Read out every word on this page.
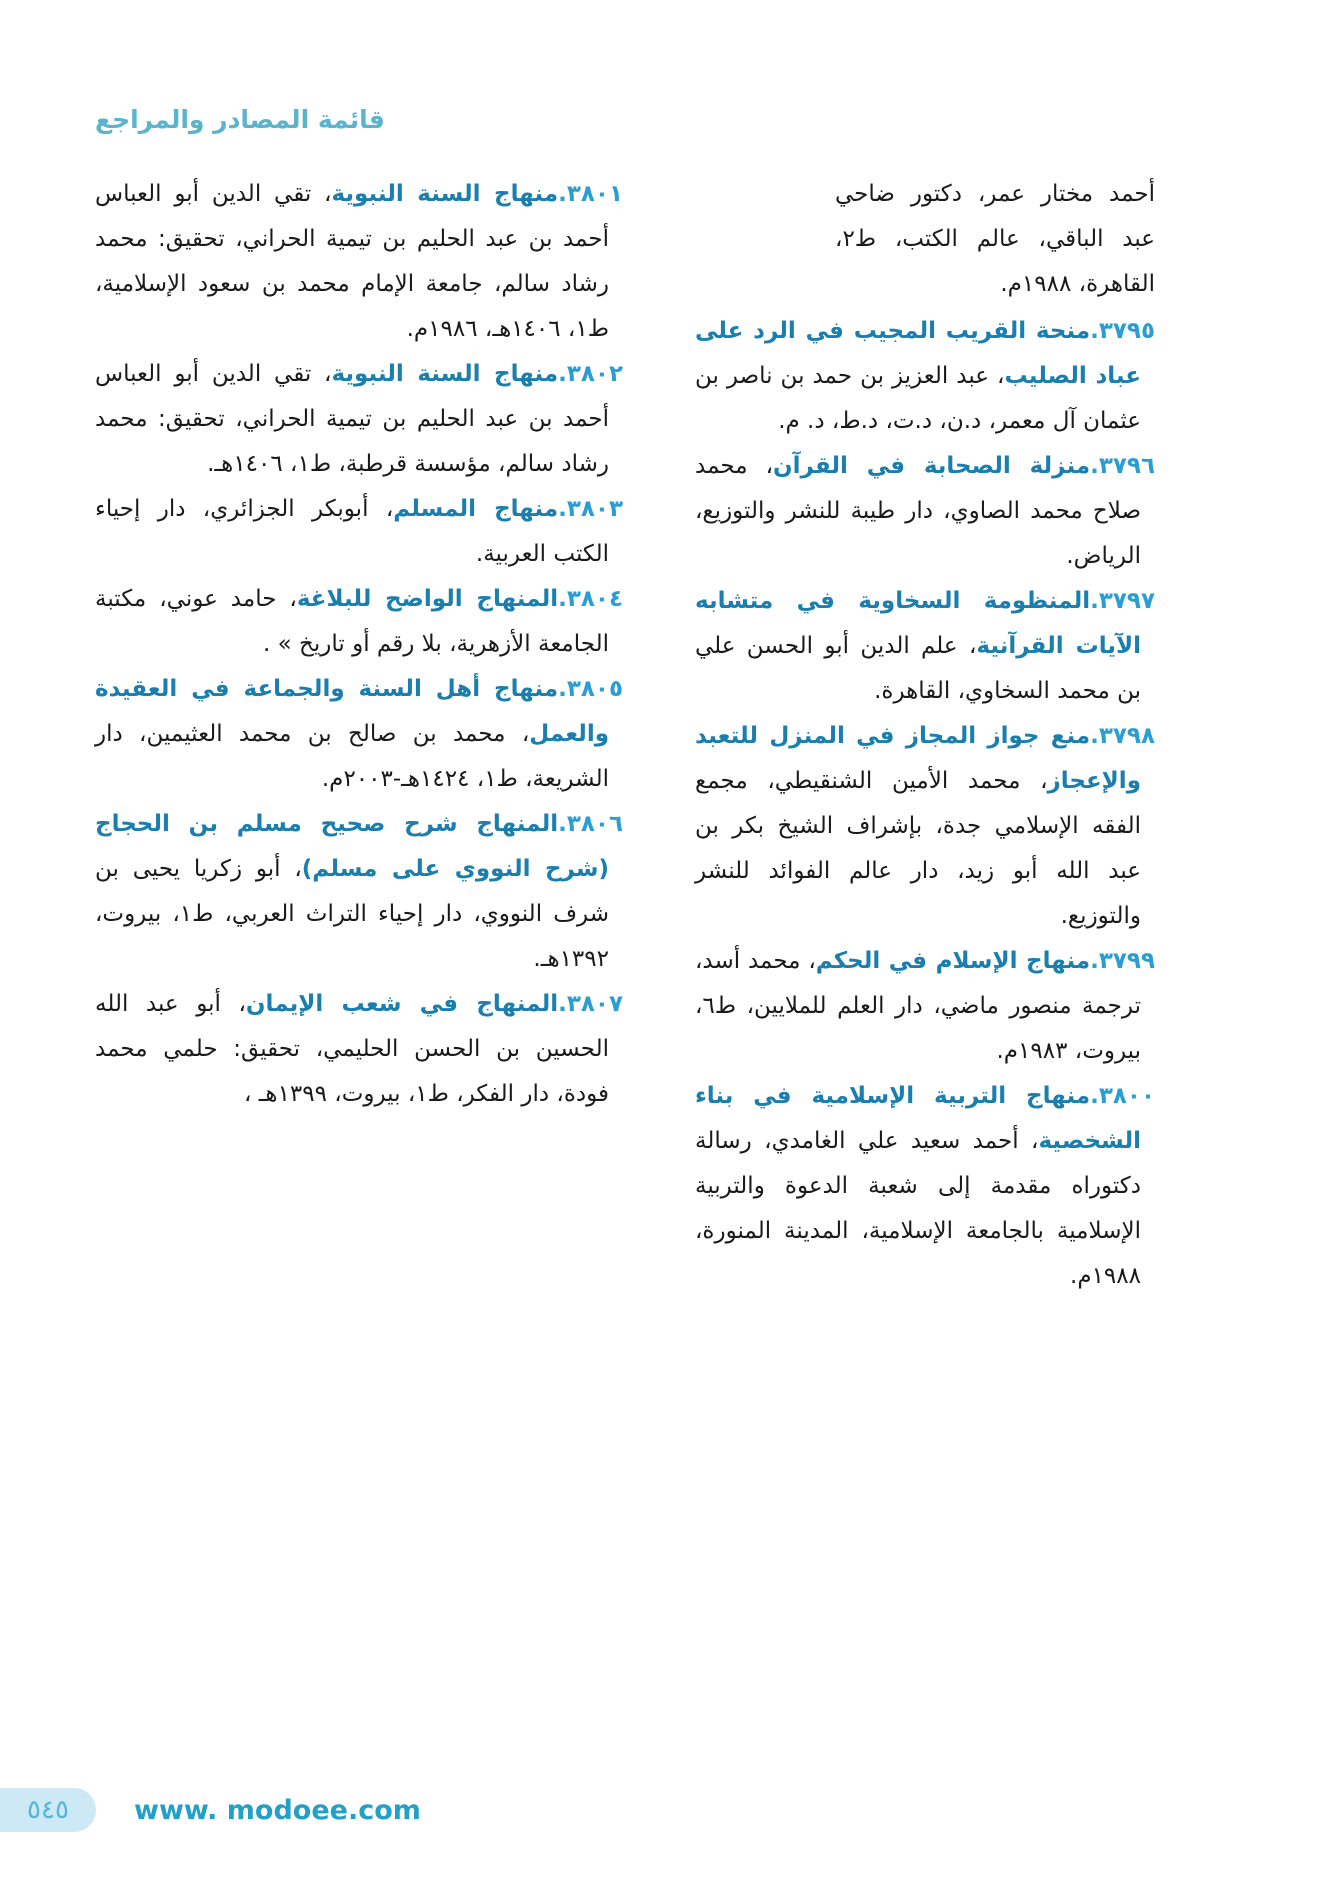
قائمة المصادر والمراجع

أحمد مختار عمر، دكتور ضاحي عبد الباقي، عالم الكتب، ط٢، القاهرة، ١٩٨٨م.

٣٧٩٥.منحة القريب المجيب في الرد على عباد الصليب، عبد العزيز بن حمد بن ناصر بن عثمان آل معمر، د.ن، د.ت، د.ط، د. م.

٣٧٩٦.منزلة الصحابة في القرآن، محمد صلاح محمد الصاوي، دار طيبة للنشر والتوزيع، الرياض.

٣٧٩٧.المنظومة السخاوية في متشابه الآيات القرآنية، علم الدين أبو الحسن علي بن محمد السخاوي، القاهرة.

٣٧٩٨.منع جواز المجاز في المنزل للتعبد والإعجاز، محمد الأمين الشنقيطي، مجمع الفقه الإسلامي جدة، بإشراف الشيخ بكر بن عبد الله أبو زيد، دار عالم الفوائد للنشر والتوزيع.

٣٧٩٩.منهاج الإسلام في الحكم، محمد أسد، ترجمة منصور ماضي، دار العلم للملايين، ط٦، بيروت، ١٩٨٣م.

٣٨٠٠.منهاج التربية الإسلامية في بناء الشخصية، أحمد سعيد علي الغامدي، رسالة دكتوراه مقدمة إلى شعبة الدعوة والتربية الإسلامية بالجامعة الإسلامية، المدينة المنورة، ١٩٨٨م.

٣٨٠١.منهاج السنة النبوية، تقي الدين أبو العباس أحمد بن عبد الحليم بن تيمية الحراني، تحقيق: محمد رشاد سالم، جامعة الإمام محمد بن سعود الإسلامية، ط١، ١٤٠٦هـ، ١٩٨٦م.

٣٨٠٢.منهاج السنة النبوية، تقي الدين أبو العباس أحمد بن عبد الحليم بن تيمية الحراني، تحقيق: محمد رشاد سالم، مؤسسة قرطبة، ط١، ١٤٠٦هـ.

٣٨٠٣.منهاج المسلم، أبوبكر الجزائري، دار إحياء الكتب العربية.

٣٨٠٤.المنهاج الواضح للبلاغة، حامد عوني، مكتبة الجامعة الأزهرية، بلا رقم أو تاريخ » .

٣٨٠٥.منهاج أهل السنة والجماعة في العقيدة والعمل، محمد بن صالح بن محمد العثيمين، دار الشريعة، ط١، ١٤٢٤هـ-٢٠٠٣م.

٣٨٠٦.المنهاج شرح صحيح مسلم بن الحجاج (شرح النووي على مسلم)، أبو زكريا يحيى بن شرف النووي، دار إحياء التراث العربي، ط١، بيروت، ١٣٩٢هـ.

٣٨٠٧.المنهاج في شعب الإيمان، أبو عبد الله الحسين بن الحسن الحليمي، تحقيق: حلمي محمد فودة، دار الفكر، ط١، بيروت، ١٣٩٩هـ ،

٥٤٥ www. modoee.com
